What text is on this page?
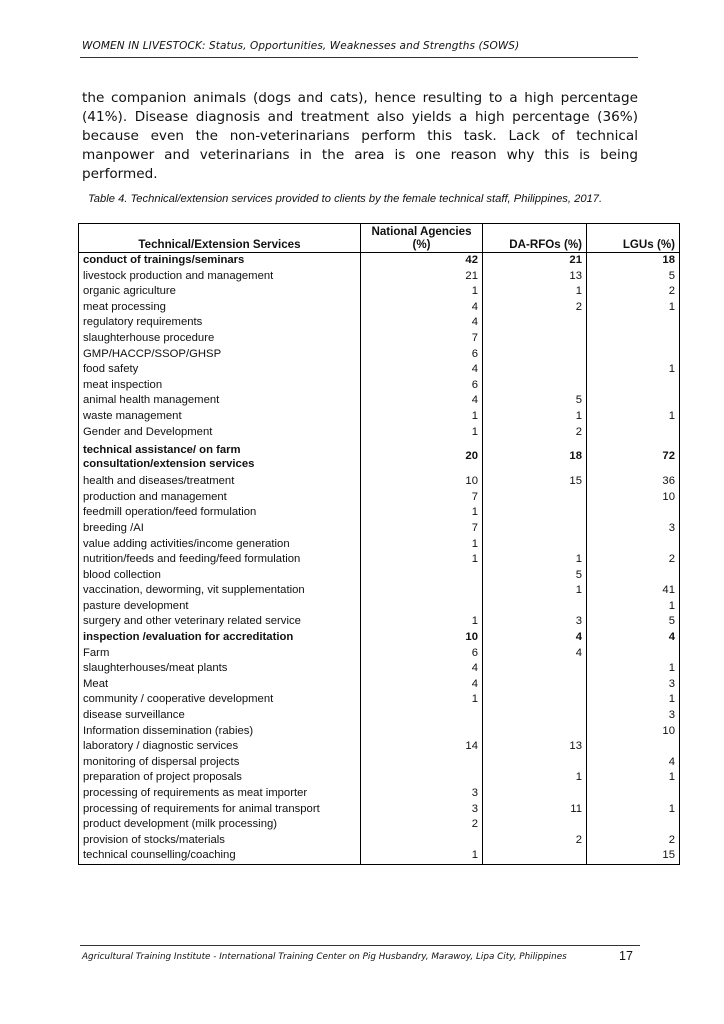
WOMEN IN LIVESTOCK: Status, Opportunities, Weaknesses and Strengths (SOWS)

the companion animals (dogs and cats), hence resulting to a high percentage (41%). Disease diagnosis and treatment also yields a high percentage (36%) because even the non-veterinarians perform this task. Lack of technical manpower and veterinarians in the area is one reason why this is being performed.

Table 4. Technical/extension services provided to clients by the female technical staff, Philippines, 2017.
Technical/Extension Services	National Agencies (%)	DA-RFOs (%)	LGUs (%)
conduct of trainings/seminars	42	21	18
livestock production and management	21	13	5
organic agriculture	1	1	2
meat processing	4	2	1
regulatory requirements	4		
slaughterhouse procedure	7		
GMP/HACCP/SSOP/GHSP	6		
food safety	4		1
meat inspection	6		
animal health management	4	5	
waste management	1	1	1
Gender and Development	1	2	

technical assistance/ on farm
consultation/extension services	20	18	72
health and diseases/treatment	10	15	36
production and management	7		10
feedmill operation/feed formulation	1		
breeding /AI	7		3
value adding activities/income generation	1		
nutrition/feeds and feeding/feed formulation	1	1	2
blood collection		5	
vaccination, deworming, vit supplementation		1	41
pasture development			1
surgery and other veterinary related service	1	3	5
inspection /evaluation for accreditation	10	4	4
Farm	6	4	
slaughterhouses/meat plants	4		1
Meat	4		3
community / cooperative development	1		1
disease surveillance			3
Information dissemination (rabies)			10
laboratory / diagnostic services	14	13	
monitoring of dispersal projects			4
preparation of project proposals		1	1
processing of requirements as meat importer	3		
processing of requirements for animal transport	3	11	1
product development (milk processing)	2		
provision of stocks/materials		2	2
technical counselling/coaching	1		15
Agricultural Training Institute - International Training Center on Pig Husbandry, Marawoy, Lipa City, Philippines	17
